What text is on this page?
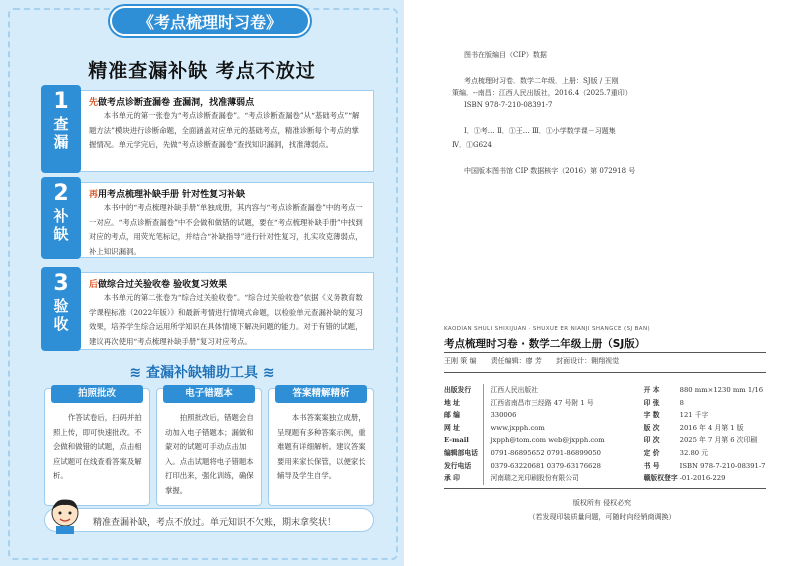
《考点梳理时习卷》
精准查漏补缺 考点不放过
1
查
漏
先做考点诊断查漏卷 查漏洞，找准薄弱点
本书单元的第一张卷为“考点诊断查漏卷”。“考点诊断查漏卷”从“基础考点”“解题方法”模块进行诊断命题，全面涵盖对应单元的基础考点，精准诊断每个考点的掌握情况。单元学完后，先做“考点诊断查漏卷”查找知识漏洞，找准薄弱点。
2
补
缺
再用考点梳理补缺手册 针对性复习补缺
本书中的“考点梳理补缺手册”单独成册，其内容与“考点诊断查漏卷”中的考点一一对应。“考点诊断查漏卷”中不会做和做错的试题，要在“考点梳理补缺手册”中找到对应的考点，用荧光笔标记，并结合“补缺指导”进行针对性复习，扎实攻克薄弱点，补上知识漏洞。
3
验
收
后做综合过关验收卷 验收复习效果
本书单元的第二张卷为“综合过关验收卷”。“综合过关验收卷”依据《义务教育数学课程标准（2022年版）》和最新考情进行情境式命题，以检验单元查漏补缺的复习效果，培养学生综合运用所学知识在具体情境下解决问题的能力。对于有错的试题，建议再次使用“考点梳理补缺手册”复习对应考点。
≋ 查漏补缺辅助工具 ≋
拍照批改
作答试卷后，扫码并拍照上传，即可快速批改。不会做和做错的试题，点击相应试题可在线查看答案及解析。
电子错题本
拍照批改后，错题会自动加入电子错题本；漏做和蒙对的试题可手动点击加入。点击试题将电子错题本打印出来，强化训练，确保掌握。
答案精解精析
本书答案案独立成册，呈现题有多种答案示例，重难题有详细解析。建议答案要用来家长保管，以便家长辅导及学生自学。
精准查漏补缺，考点不放过。单元知识不欠账，期末拿奖状！
图书在版编目（CIP）数据
考点梳理时习卷．数学二年级．上册：SJ版 / 王刚
策编．--南昌：江西人民出版社，2016.4（2025.7重印）
ISBN 978-7-210-08391-7
Ⅰ．①考… Ⅱ．①王… Ⅲ．①小学数学课－习题集
Ⅳ．①G624
中国版本图书馆 CIP 数据核字（2016）第 072918 号
KAODIAN SHULI SHIXIJUAN · SHUXUE ER NIANJI SHANGCE (SJ BAN)
考点梳理时习卷 · 数学二年级上册（SJ版）
王刚 策 编 责任编辑：廖 芳 封面设计：翱翔视觉
出版发行	江西人民出版社	开 本	880 mm×1230 mm 1/16
地 址	江西省南昌市三经路 47 号附 1 号	印 张	8
邮 编	330006	字 数	121 千字
网 址	www.jxpph.com	版 次	2016 年 4 月第 1 版
E-mail	jxpph@tom.com web@jxpph.com	印 次	2025 年 7 月第 6 次印刷
编辑部电话	0791-86895652 0791-86899050	定 价	32.80 元
发行电话	0379-63220681 0379-63176628	书 号	ISBN 978-7-210-08391-7
承 印	河南瑞之光印刷股份有限公司	赣版权登字	-01-2016-229
版权所有 侵权必究
（若发现印装质量问题，可随时向经销商调换）
